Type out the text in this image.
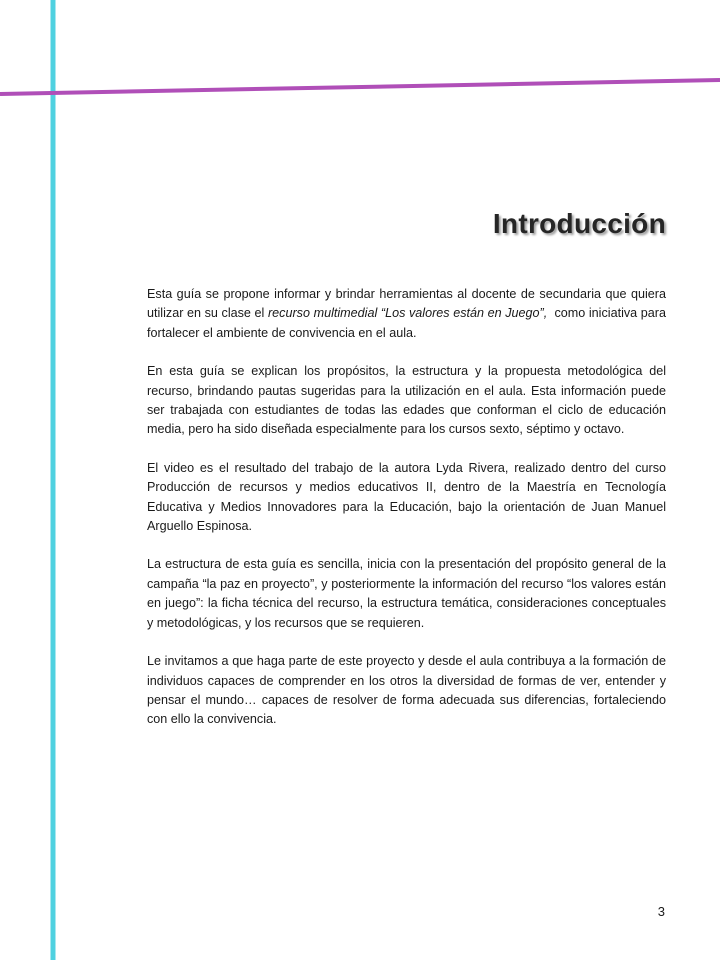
Introducción

Esta guía se propone informar y brindar herramientas al docente de secundaria que quiera utilizar en su clase el recurso multimedial “Los valores están en Juego”,  como iniciativa para fortalecer el ambiente de convivencia en el aula.

En esta guía se explican los propósitos, la estructura y la propuesta metodológica del recurso, brindando pautas sugeridas para la utilización en el aula. Esta información puede ser trabajada con estudiantes de todas las edades que conforman el ciclo de educación media, pero ha sido diseñada especialmente para los cursos sexto, séptimo y octavo.

El video es el resultado del trabajo de la autora Lyda Rivera, realizado dentro del curso Producción de recursos y medios educativos II, dentro de la Maestría en Tecnología Educativa y Medios Innovadores para la Educación, bajo la orientación de Juan Manuel Arguello Espinosa.

La estructura de esta guía es sencilla, inicia con la presentación del propósito general de la campaña “la paz en proyecto”, y posteriormente la información del recurso “los valores están en juego”: la ficha técnica del recurso, la estructura temática, consideraciones conceptuales y metodológicas, y los recursos que se requieren.

Le invitamos a que haga parte de este proyecto y desde el aula contribuya a la formación de individuos capaces de comprender en los otros la diversidad de formas de ver, entender y pensar el mundo… capaces de resolver de forma adecuada sus diferencias, fortaleciendo con ello la convivencia.

3
